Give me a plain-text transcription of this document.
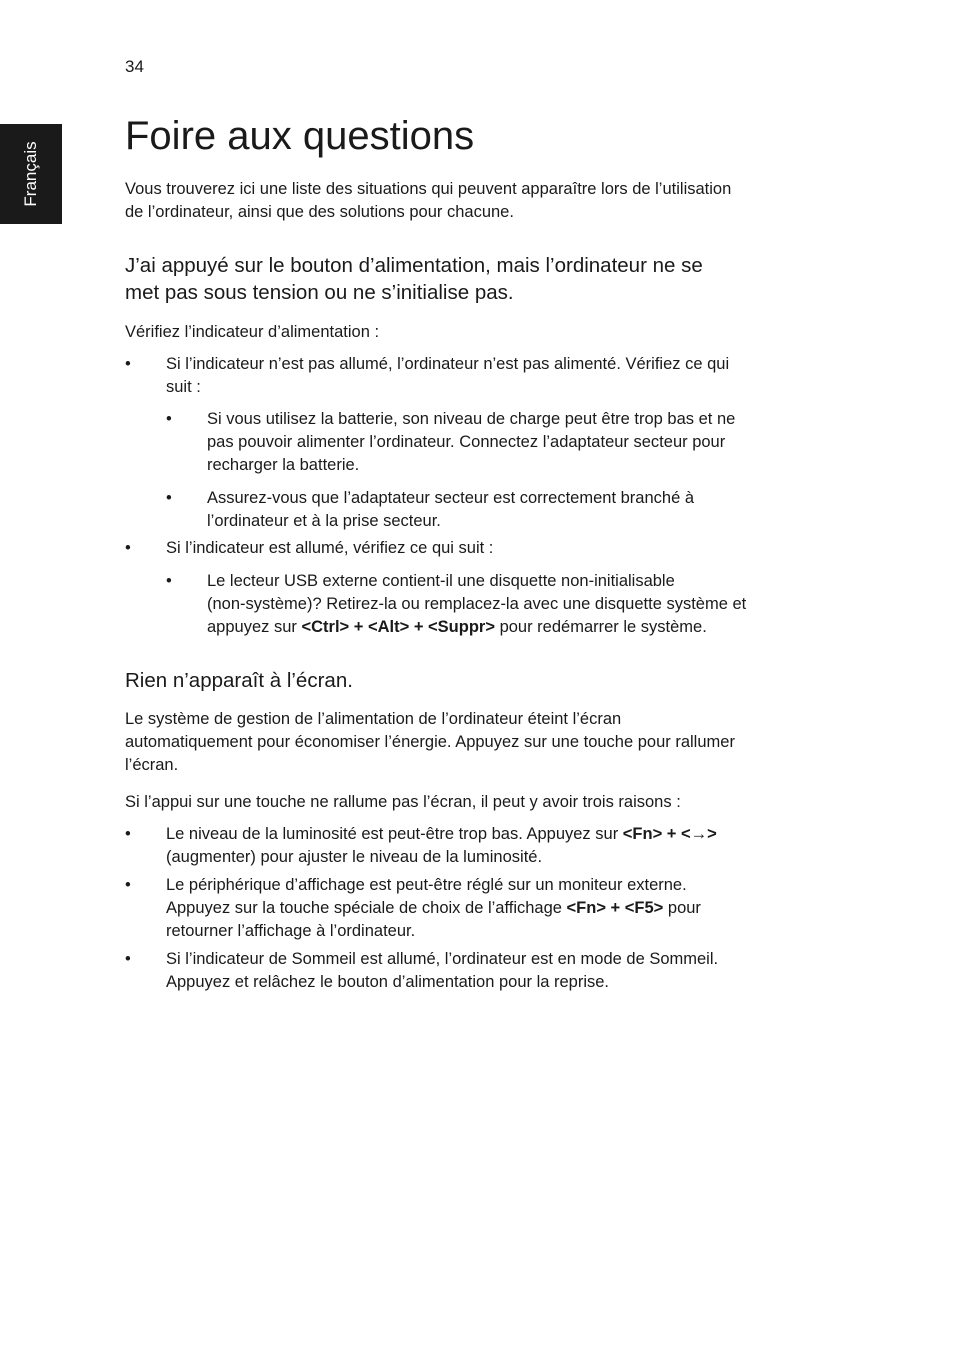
34
Français
Foire aux questions

Vous trouverez ici une liste des situations qui peuvent apparaître lors de l’utilisation
de l’ordinateur, ainsi que des solutions pour chacune.

J’ai appuyé sur le bouton d’alimentation, mais l’ordinateur ne se
met pas sous tension ou ne s’initialise pas.

Vérifiez l’indicateur d’alimentation :

• Si l’indicateur n’est pas allumé, l’ordinateur n’est pas alimenté. Vérifiez ce qui
suit :
• Si vous utilisez la batterie, son niveau de charge peut être trop bas et ne
pas pouvoir alimenter l’ordinateur. Connectez l’adaptateur secteur pour
recharger la batterie.
• Assurez-vous que l’adaptateur secteur est correctement branché à
l’ordinateur et à la prise secteur.
• Si l’indicateur est allumé, vérifiez ce qui suit :
• Le lecteur USB externe contient-il une disquette non-initialisable
(non-système)? Retirez-la ou remplacez-la avec une disquette système et
appuyez sur <Ctrl> + <Alt> + <Suppr> pour redémarrer le système.

Rien n’apparaît à l’écran.

Le système de gestion de l’alimentation de l’ordinateur éteint l’écran
automatiquement pour économiser l’énergie. Appuyez sur une touche pour rallumer
l’écran.

Si l’appui sur une touche ne rallume pas l’écran, il peut y avoir trois raisons :

• Le niveau de la luminosité est peut-être trop bas. Appuyez sur <Fn> + <→>
(augmenter) pour ajuster le niveau de la luminosité.
• Le périphérique d’affichage est peut-être réglé sur un moniteur externe.
Appuyez sur la touche spéciale de choix de l’affichage <Fn> + <F5> pour
retourner l’affichage à l’ordinateur.
• Si l’indicateur de Sommeil est allumé, l’ordinateur est en mode de Sommeil.
Appuyez et relâchez le bouton d’alimentation pour la reprise.
